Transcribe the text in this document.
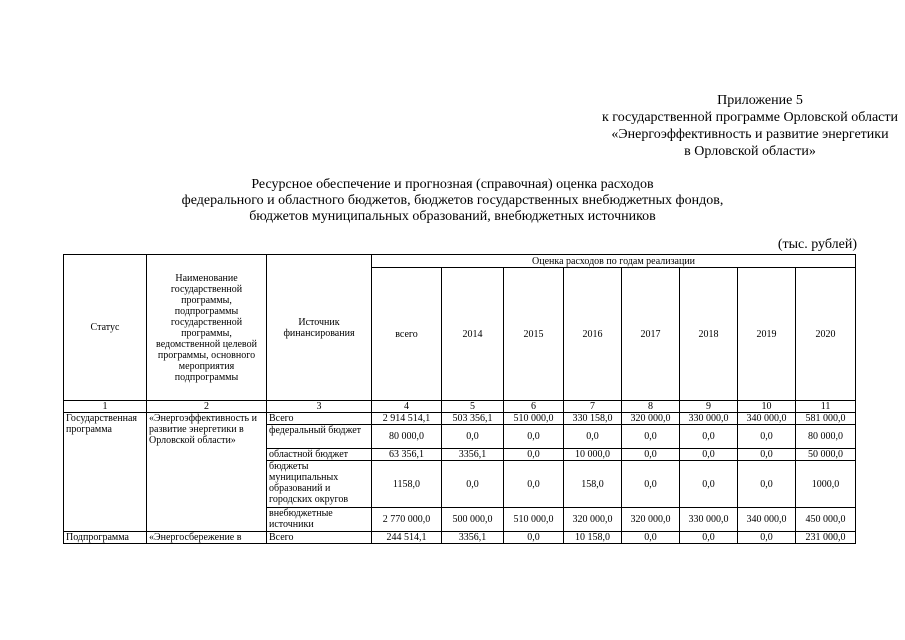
Приложение 5
к государственной программе Орловской области
«Энергоэффективность и развитие энергетики
в Орловской области»
Ресурсное обеспечение и прогнозная (справочная) оценка расходов
федерального и областного бюджетов, бюджетов государственных внебюджетных фондов,
бюджетов муниципальных образований, внебюджетных источников
(тыс. рублей)
Статус	Наименование государственной программы, подпрограммы государственной программы, ведомственной целевой программы, основного мероприятия подпрограммы	Источник финансирования	Оценка расходов по годам реализации							
			всего	2014	2015	2016	2017	2018	2019	2020
1	2	3	4	5	6	7	8	9	10	11
Государственная программа	«Энергоэффективность и развитие энергетики в Орловской области»	Всего	2 914 514,1	503 356,1	510 000,0	330 158,0	320 000,0	330 000,0	340 000,0	581 000,0
		федеральный бюджет	80 000,0	0,0	0,0	0,0	0,0	0,0	0,0	80 000,0
		областной бюджет	63 356,1	3356,1	0,0	10 000,0	0,0	0,0	0,0	50 000,0
		бюджеты муниципальных образований и городских округов	1158,0	0,0	0,0	158,0	0,0	0,0	0,0	1000,0
		внебюджетные источники	2 770 000,0	500 000,0	510 000,0	320 000,0	320 000,0	330 000,0	340 000,0	450 000,0
Подпрограмма	«Энергосбережение в	Всего	244 514,1	3356,1	0,0	10 158,0	0,0	0,0	0,0	231 000,0
